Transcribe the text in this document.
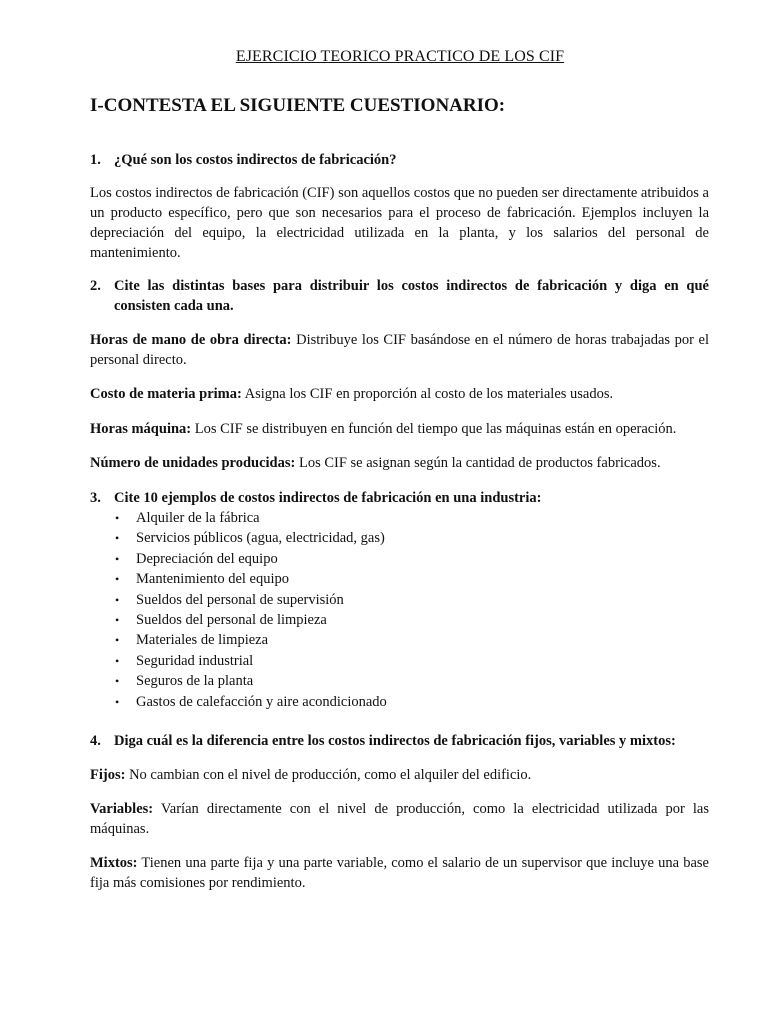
EJERCICIO TEORICO PRACTICO DE LOS CIF
I-CONTESTA EL SIGUIENTE CUESTIONARIO:
1. ¿Qué son los costos indirectos de fabricación?
Los costos indirectos de fabricación (CIF) son aquellos costos que no pueden ser directamente atribuidos a un producto específico, pero que son necesarios para el proceso de fabricación. Ejemplos incluyen la depreciación del equipo, la electricidad utilizada en la planta, y los salarios del personal de mantenimiento.
2. Cite las distintas bases para distribuir los costos indirectos de fabricación y diga en qué consisten cada una.
Horas de mano de obra directa: Distribuye los CIF basándose en el número de horas trabajadas por el personal directo.
Costo de materia prima: Asigna los CIF en proporción al costo de los materiales usados.
Horas máquina: Los CIF se distribuyen en función del tiempo que las máquinas están en operación.
Número de unidades producidas: Los CIF se asignan según la cantidad de productos fabricados.
3. Cite 10 ejemplos de costos indirectos de fabricación en una industria:
• Alquiler de la fábrica
• Servicios públicos (agua, electricidad, gas)
• Depreciación del equipo
• Mantenimiento del equipo
• Sueldos del personal de supervisión
• Sueldos del personal de limpieza
• Materiales de limpieza
• Seguridad industrial
• Seguros de la planta
• Gastos de calefacción y aire acondicionado
4. Diga cuál es la diferencia entre los costos indirectos de fabricación fijos, variables y mixtos:
Fijos: No cambian con el nivel de producción, como el alquiler del edificio.
Variables: Varían directamente con el nivel de producción, como la electricidad utilizada por las máquinas.
Mixtos: Tienen una parte fija y una parte variable, como el salario de un supervisor que incluye una base fija más comisiones por rendimiento.
